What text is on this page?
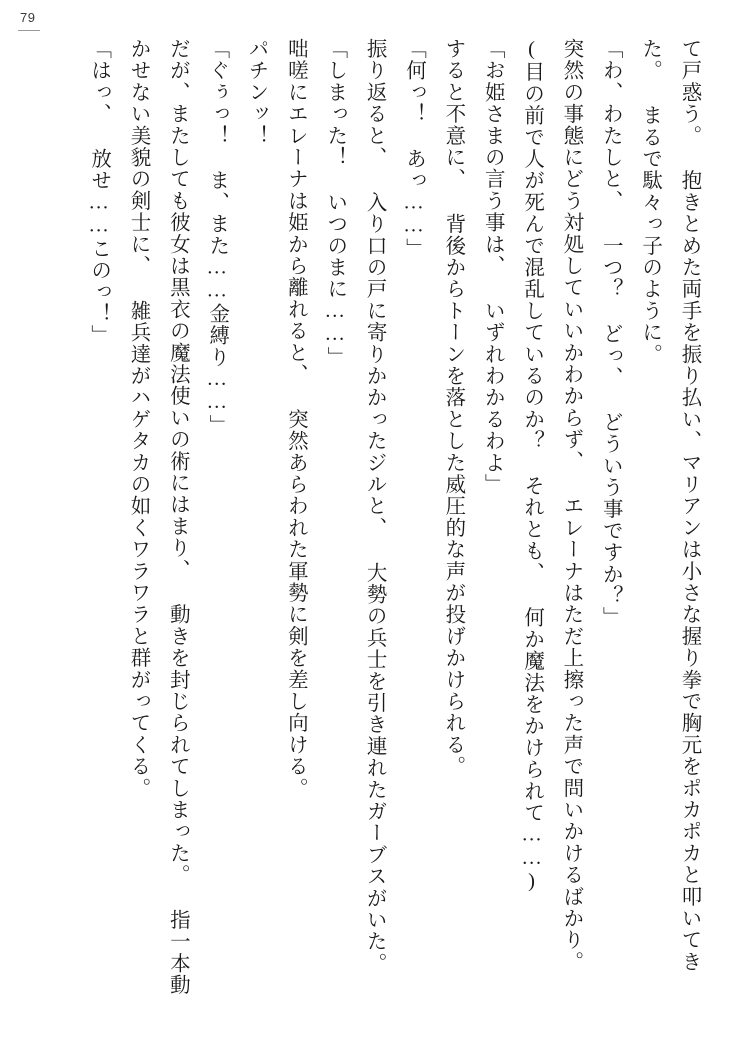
79

て戸惑う。 抱きとめた両手を振り払い、マリアンは小さな握り拳で胸元をポカポカと叩いてきた。 まるで駄々っ子のように。

「わ、わたしと、 一つ？ どっ、 どういう事ですか？」

突然の事態にどう対処していいかわからず、 エレーナはただ上擦った声で問いかけるばかり。

(目の前で人が死んで混乱しているのか？ それとも、 何か魔法をかけられて……)

「お姫さまの言う事は、 いずれわかるわよ」

すると不意に、 背後からトーンを落とした威圧的な声が投げかけられる。

「何っ！ あっ……」

振り返ると、 入り口の戸に寄りかかったジルと、 大勢の兵士を引き連れたガーブスがいた。

「しまった！ いつのまに……」

咄嗟にエレーナは姫から離れると、 突然あらわれた軍勢に剣を差し向ける。

パチンッ！

「ぐぅっ！ ま、また……金縛り……」

だが、またしても彼女は黒衣の魔法使いの術にはまり、 動きを封じられてしまった。 指一本動かせない美貌の剣士に、 雑兵達がハゲタカの如くワラワラと群がってくる。

「はっ、 放せ……このっ！」
